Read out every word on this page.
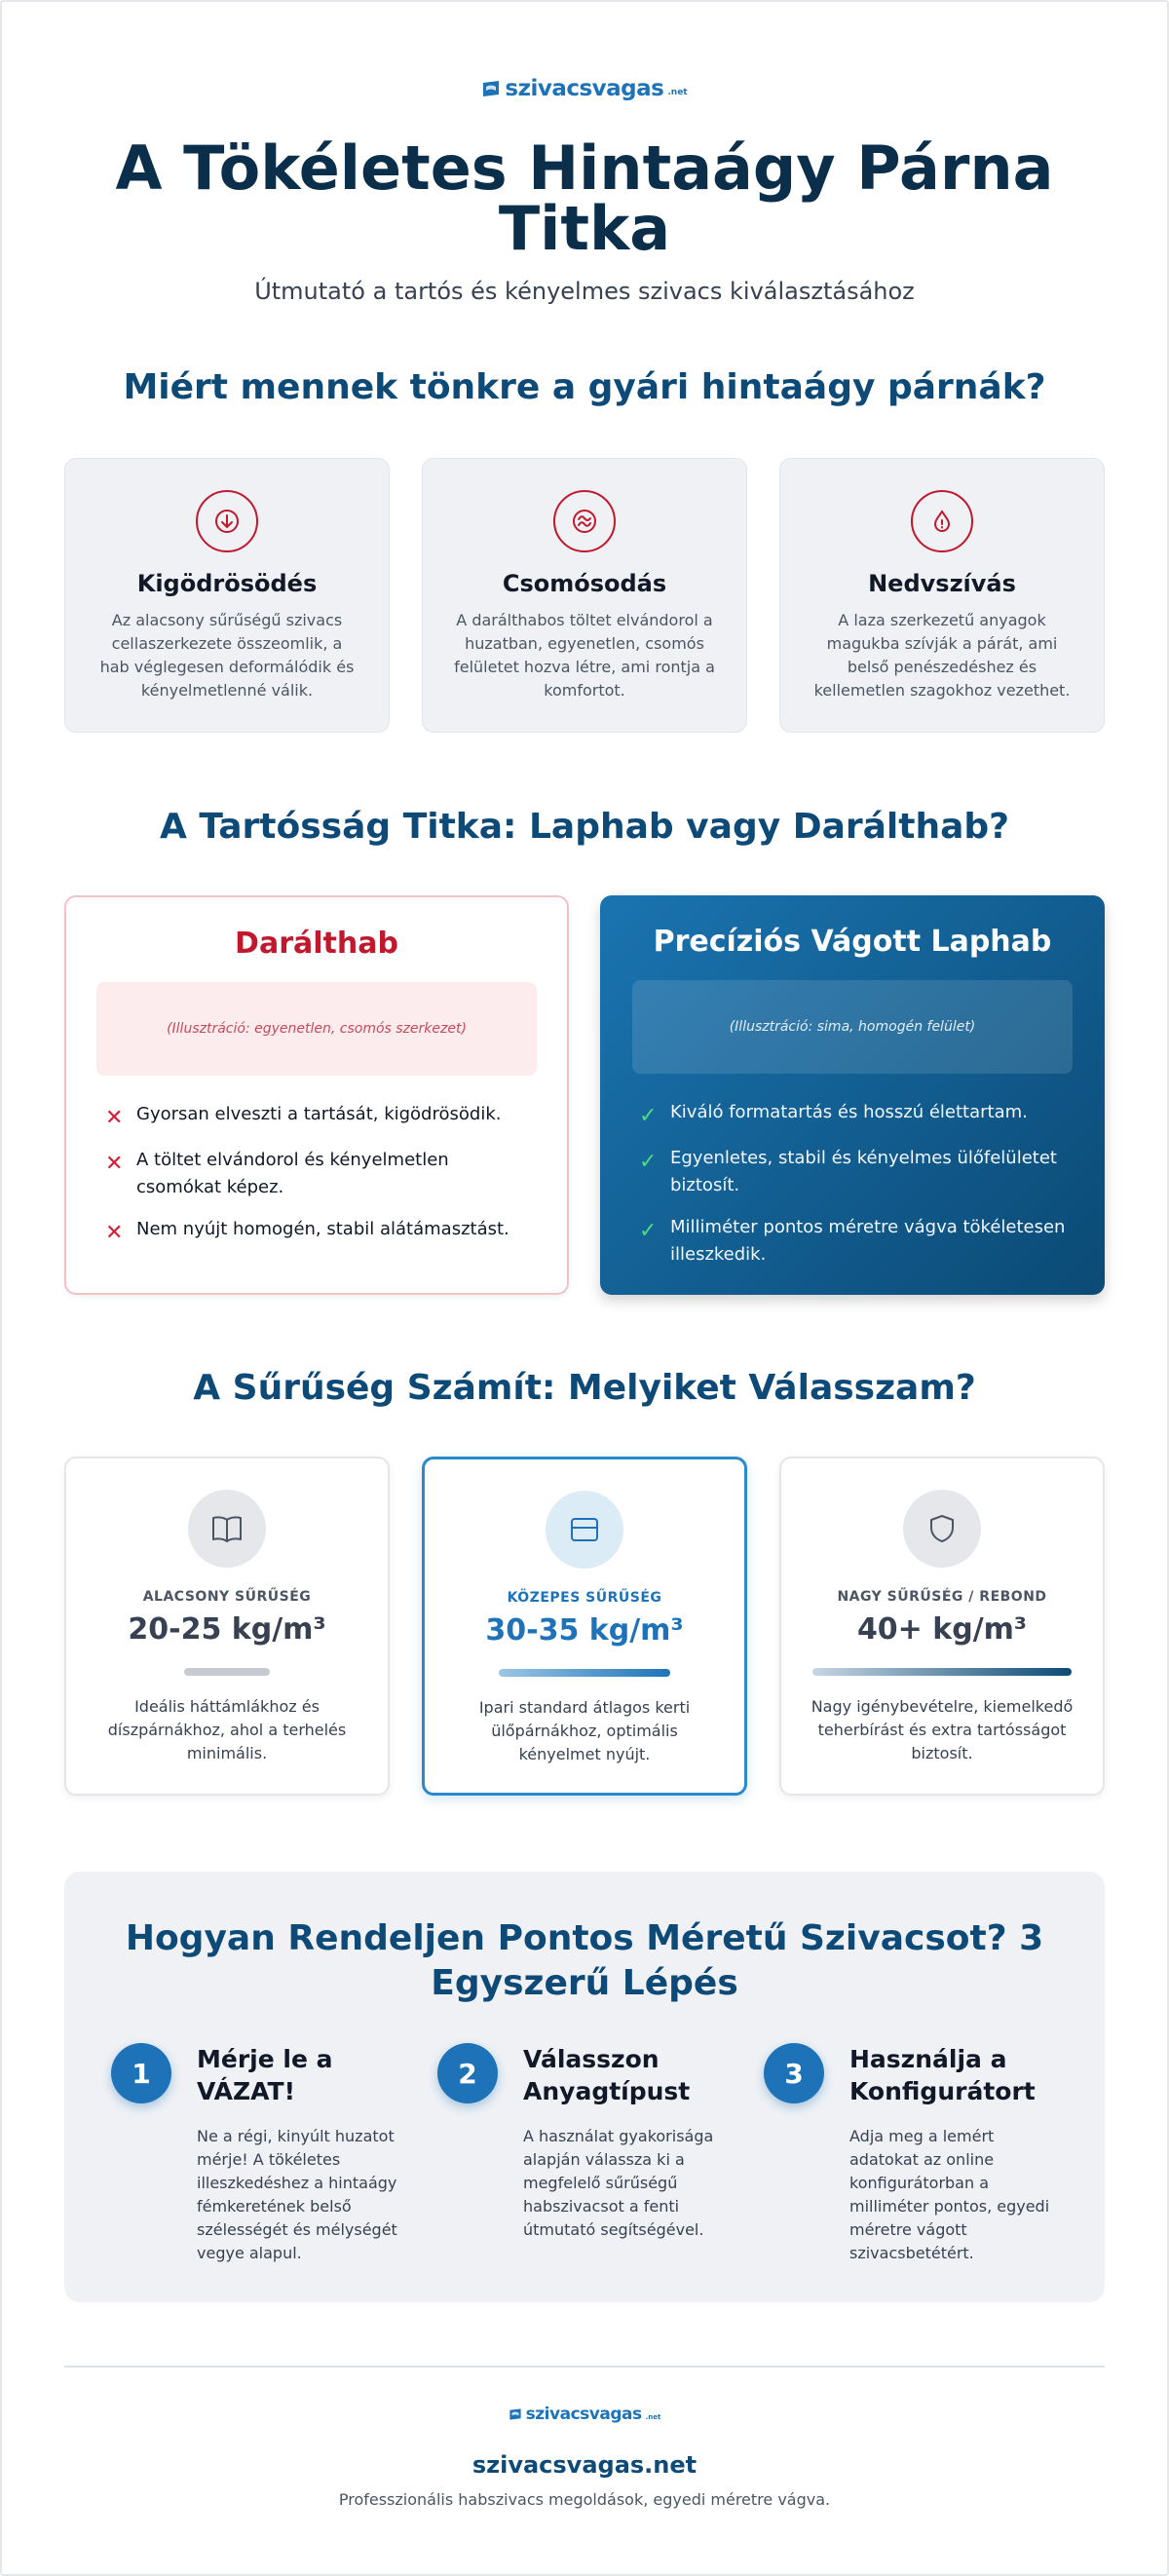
szivacsvagas .net
A Tökéletes Hintaágy Párna Titka
Útmutató a tartós és kényelmes szivacs kiválasztásához
Miért mennek tönkre a gyári hintaágy párnák?
Kigödrösödés

Az alacsony sűrűségű szivacs cellaszerkezete összeomlik, a hab véglegesen deformálódik és kényelmetlenné válik.

Csomósodás

A darálthabos töltet elvándorol a huzatban, egyenetlen, csomós felületet hozva létre, ami rontja a komfortot.

Nedvszívás

A laza szerkezetű anyagok magukba szívják a párát, ami belső penészedéshez és kellemetlen szagokhoz vezethet.

A Tartósság Titka: Laphab vagy Darálthab?
Darálthab
(Illusztráció: egyenetlen, csomós szerkezet)
✕ Gyorsan elveszti a tartását, kigödrösödik.
✕ A töltet elvándorol és kényelmetlen csomókat képez.
✕ Nem nyújt homogén, stabil alátámasztást.
Precíziós Vágott Laphab
(Illusztráció: sima, homogén felület)
✓ Kiváló formatartás és hosszú élettartam.
✓ Egyenletes, stabil és kényelmes ülőfelületet biztosít.
✓ Milliméter pontos méretre vágva tökéletesen illeszkedik.
A Sűrűség Számít: Melyiket Válasszam?
ALACSONY SŰRŰSÉG
20-25 kg/m³

Ideális háttámlákhoz és díszpárnákhoz, ahol a terhelés minimális.

KÖZEPES SŰRŰSÉG
30-35 kg/m³

Ipari standard átlagos kerti ülőpárnákhoz, optimális kényelmet nyújt.

NAGY SŰRŰSÉG / REBOND
40+ kg/m³

Nagy igénybevételre, kiemelkedő teherbírást és extra tartósságot biztosít.

Hogyan Rendeljen Pontos Méretű Szivacsot? 3 Egyszerű Lépés
1	Mérje le a VÁZAT!

Ne a régi, kinyúlt huzatot mérje! A tökéletes illeszkedéshez a hintaágy fémkeretének belső szélességét és mélységét vegye alapul.

2	Válasszon Anyagtípust

A használat gyakorisága alapján válassza ki a megfelelő sűrűségű habszivacsot a fenti útmutató segítségével.

3	Használja a Konfigurátort

Adja meg a lemért adatokat az online konfigurátorban a milliméter pontos, egyedi méretre vágott szivacsbetétért.

szivacsvagas .net
szivacsvagas.net
Professzionális habszivacs megoldások, egyedi méretre vágva.
